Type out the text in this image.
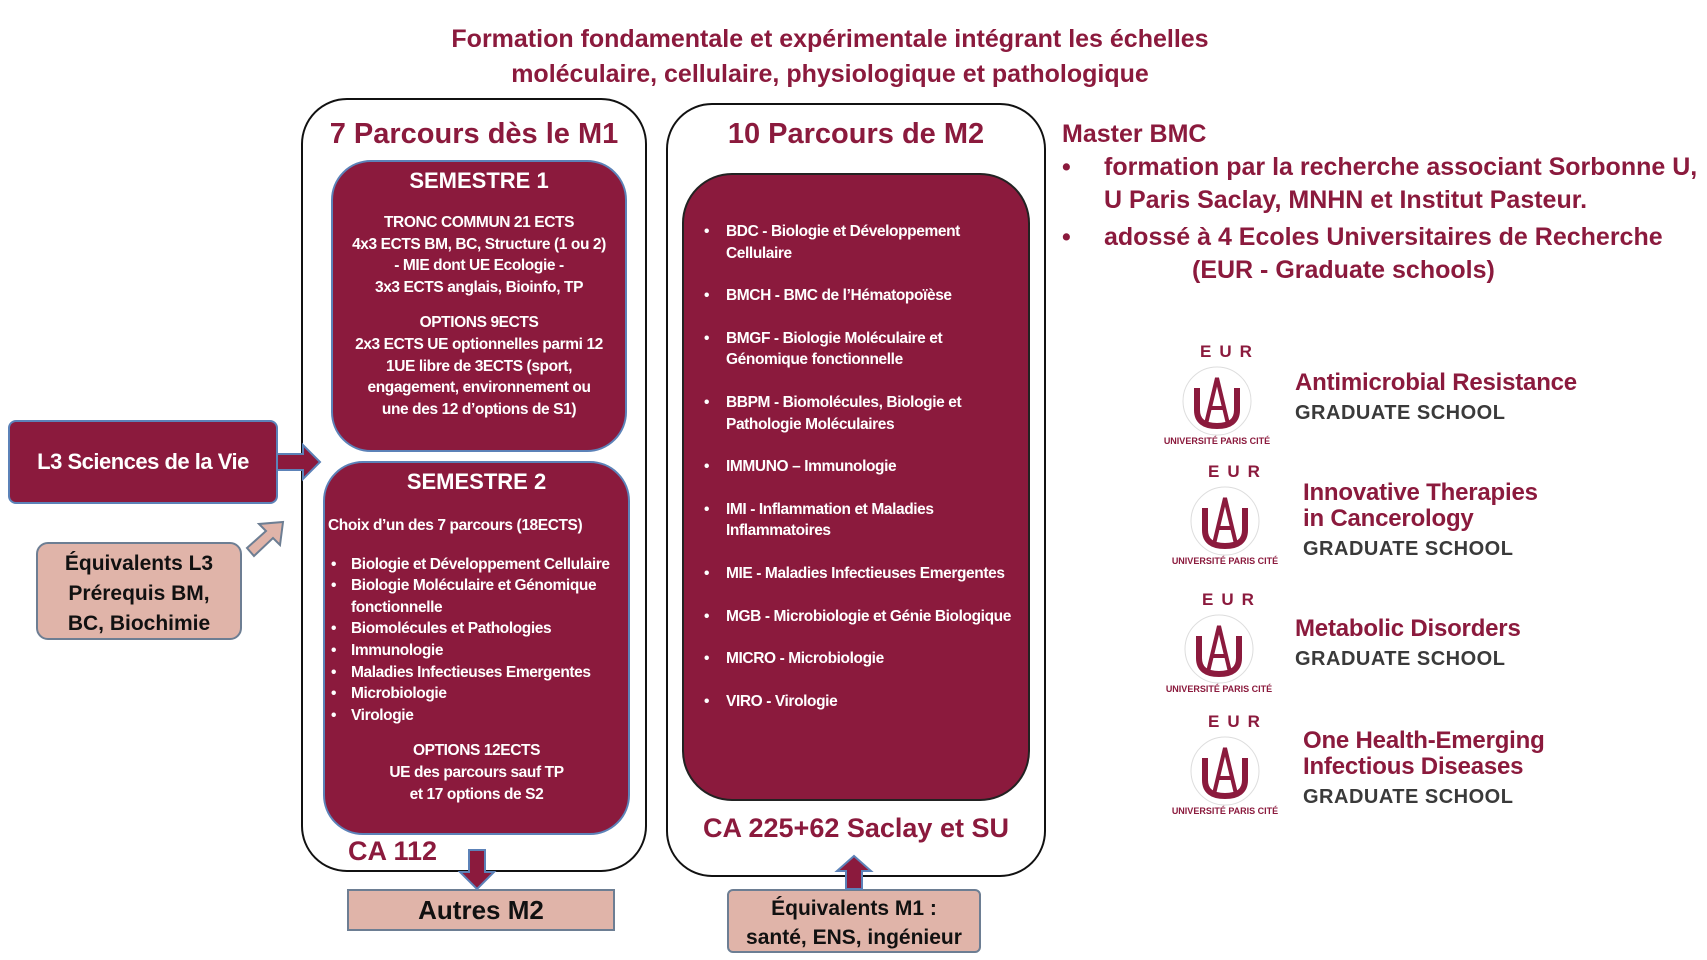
Formation fondamentale et expérimentale intégrant les échelles
moléculaire, cellulaire, physiologique et pathologique
7 Parcours dès le M1
SEMESTRE 1
TRONC COMMUN 21 ECTS
4x3 ECTS BM, BC, Structure (1 ou 2)
- MIE dont UE Ecologie -
3x3 ECTS anglais, Bioinfo, TP
OPTIONS 9ECTS
2x3 ECTS UE optionnelles parmi 12
1UE libre de 3ECTS (sport,
engagement, environnement ou
une des 12 d’options de S1)
SEMESTRE 2
Choix d’un des 7 parcours (18ECTS)
• Biologie et Développement Cellulaire
• Biologie Moléculaire et Génomique fonctionnelle
• Biomolécules et Pathologies
• Immunologie
• Maladies Infectieuses Emergentes
• Microbiologie
• Virologie
OPTIONS 12ECTS
UE des parcours sauf TP
et 17 options de S2
CA 112
10 Parcours de M2
• BDC - Biologie et Développement Cellulaire
• BMCH - BMC de l’Hématopoïèse
• BMGF - Biologie Moléculaire et Génomique fonctionnelle
• BBPM - Biomolécules, Biologie et Pathologie Moléculaires
• IMMUNO – Immunologie
• IMI - Inflammation et Maladies Inflammatoires
• MIE - Maladies Infectieuses Emergentes
• MGB - Microbiologie et Génie Biologique
• MICRO - Microbiologie
• VIRO - Virologie
CA 225+62 Saclay et SU
L3 Sciences de la Vie
Équivalents L3
Prérequis BM,
BC, Biochimie
Autres M2	Équivalents M1 :
santé, ENS, ingénieur
Master BMC
• formation par la recherche associant Sorbonne U,
U Paris Saclay, MNHN et Institut Pasteur.
• adossé à 4 Ecoles Universitaires de Recherche
(EUR - Graduate schools)
EUR
UNIVERSITÉ PARIS CITÉ
Antimicrobial Resistance
GRADUATE SCHOOL
EUR
UNIVERSITÉ PARIS CITÉ
Innovative Therapies
in Cancerology
GRADUATE SCHOOL
EUR
UNIVERSITÉ PARIS CITÉ
Metabolic Disorders
GRADUATE SCHOOL
EUR
UNIVERSITÉ PARIS CITÉ
One Health-Emerging
Infectious Diseases
GRADUATE SCHOOL
